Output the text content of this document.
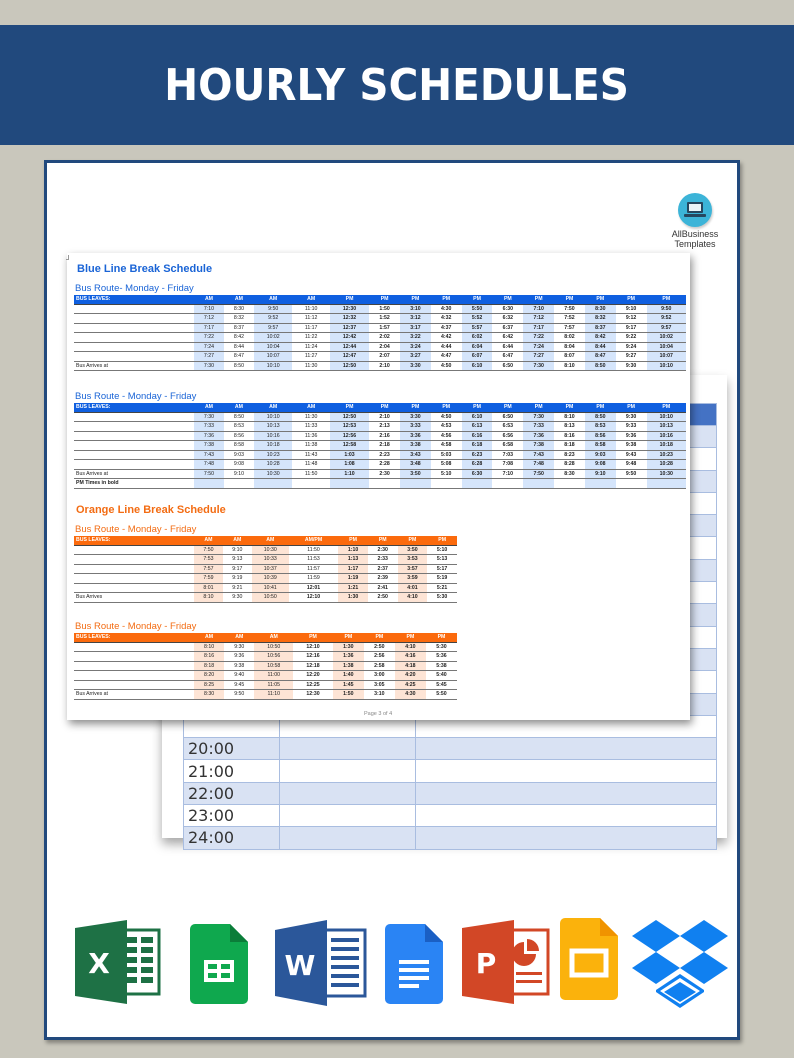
HOURLY SCHEDULES
AllBusiness
Templates

20:00		
21:00		
22:00		
23:00		
24:00		
Blue Line Break Schedule
Bus Route- Monday - Friday
BUS LEAVES:	AM	AM	AM	AM	PM	PM	PM	PM	PM	PM	PM	PM	PM	PM	PM
	7:10	8:30	9:50	11:10	12:30	1:50	3:10	4:30	5:50	6:30	7:10	7:50	8:30	9:10	9:50
	7:12	8:32	9:52	11:12	12:32	1:52	3:12	4:32	5:52	6:32	7:12	7:52	8:32	9:12	9:52
	7:17	8:37	9:57	11:17	12:37	1:57	3:17	4:37	5:57	6:37	7:17	7:57	8:37	9:17	9:57
	7:22	8:42	10:02	11:22	12:42	2:02	3:22	4:42	6:02	6:42	7:22	8:02	8:42	9:22	10:02
	7:24	8:44	10:04	11:24	12:44	2:04	3:24	4:44	6:04	6:44	7:24	8:04	8:44	9:24	10:04
	7:27	8:47	10:07	11:27	12:47	2:07	3:27	4:47	6:07	6:47	7:27	8:07	8:47	9:27	10:07
Bus Arrives at	7:30	8:50	10:10	11:30	12:50	2:10	3:30	4:50	6:10	6:50	7:30	8:10	8:50	9:30	10:10
Bus Route - Monday - Friday
BUS LEAVES:	AM	AM	AM	AM	PM	PM	PM	PM	PM	PM	PM	PM	PM	PM	PM
	7:30	8:50	10:10	11:30	12:50	2:10	3:30	4:50	6:10	6:50	7:30	8:10	8:50	9:30	10:10
	7:33	8:53	10:13	11:33	12:53	2:13	3:33	4:53	6:13	6:53	7:33	8:13	8:53	9:33	10:13
	7:36	8:56	10:16	11:36	12:56	2:16	3:36	4:56	6:16	6:56	7:36	8:16	8:56	9:36	10:16
	7:38	8:58	10:18	11:38	12:58	2:18	3:38	4:58	6:18	6:58	7:38	8:18	8:58	9:38	10:18
	7:43	9:03	10:23	11:43	1:03	2:23	3:43	5:03	6:23	7:03	7:43	8:23	9:03	9:43	10:23
	7:48	9:08	10:28	11:48	1:08	2:28	3:48	5:08	6:28	7:08	7:48	8:28	9:08	9:48	10:28
Bus Arrives at	7:50	9:10	10:30	11:50	1:10	2:30	3:50	5:10	6:30	7:10	7:50	8:30	9:10	9:50	10:30
PM Times in bold															
Orange Line Break Schedule
Bus Route - Monday - Friday
BUS LEAVES:	AM	AM	AM	AM/PM	PM	PM	PM	PM
	7:50	9:10	10:30	11:50	1:10	2:30	3:50	5:10
	7:53	9:13	10:33	11:53	1:13	2:33	3:53	5:13
	7:57	9:17	10:37	11:57	1:17	2:37	3:57	5:17
	7:59	9:19	10:39	11:59	1:19	2:39	3:59	5:19
	8:01	9:21	10:41	12:01	1:21	2:41	4:01	5:21
Bus Arrives	8:10	9:30	10:50	12:10	1:30	2:50	4:10	5:30
Bus Route - Monday - Friday
BUS LEAVES:	AM	AM	AM	PM	PM	PM	PM	PM
	8:10	9:30	10:50	12:10	1:30	2:50	4:10	5:30
	8:16	9:36	10:56	12:16	1:36	2:56	4:16	5:36
	8:18	9:38	10:58	12:18	1:38	2:58	4:18	5:38
	8:20	9:40	11:00	12:20	1:40	3:00	4:20	5:40
	8:25	9:45	11:05	12:25	1:45	3:05	4:25	5:45
Bus Arrives at	8:30	9:50	11:10	12:30	1:50	3:10	4:30	5:50
Page 3 of 4
X	W	P
